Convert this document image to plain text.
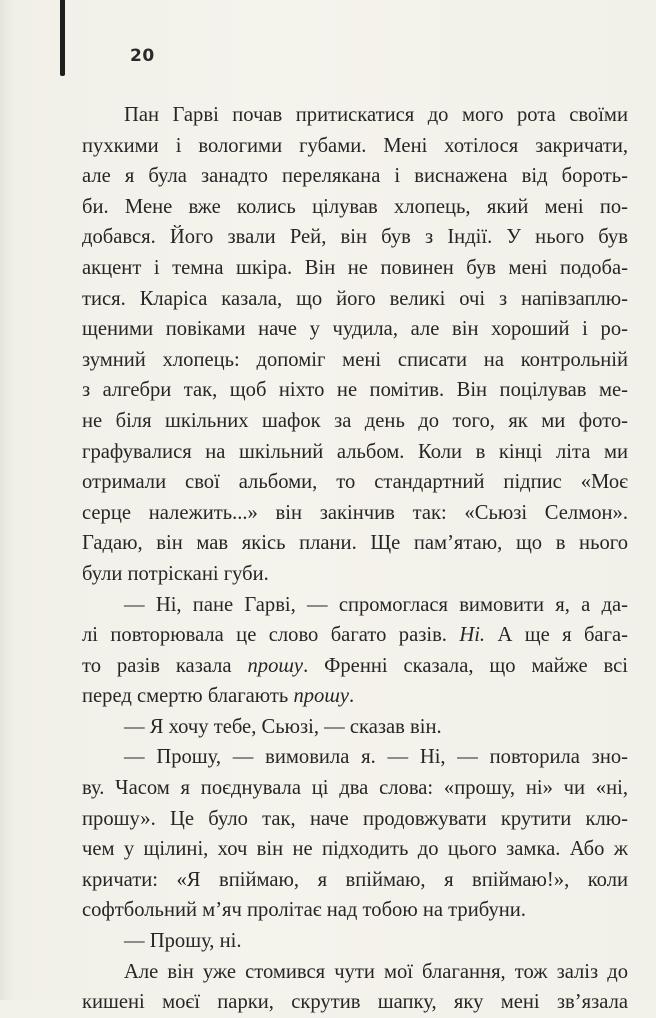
20
Пан Гарві почав притискатися до мого рота своїми
пухкими і вологими губами. Мені хотілося закричати,
але я була занадто перелякана і виснажена від бороть-
би. Мене вже колись цілував хлопець, який мені по-
добався. Його звали Рей, він був з Індії. У нього був
акцент і темна шкіра. Він не повинен був мені подоба-
тися. Кларіса казала, що його великі очі з напівзаплю-
щеними повіками наче у чудила, але він хороший і ро-
зумний хлопець: допоміг мені списати на контрольній
з алгебри так, щоб ніхто не помітив. Він поцілував ме-
не біля шкільних шафок за день до того, як ми фото-
графувалися на шкільний альбом. Коли в кінці літа ми
отримали свої альбоми, то стандартний підпис «Моє
серце належить...» він закінчив так: «Сьюзі Селмон».
Гадаю, він мав якісь плани. Ще пам’ятаю, що в нього
були потріскані губи.
— Ні, пане Гарві, — спромоглася вимовити я, а да-
лі повторювала це слово багато разів. Ні. А ще я бага-
то разів казала прошу. Френні сказала, що майже всі
перед смертю благають прошу.
— Я хочу тебе, Сьюзі, — сказав він.
— Прошу, — вимовила я. — Ні, — повторила зно-
ву. Часом я поєднувала ці два слова: «прошу, ні» чи «ні,
прошу». Це було так, наче продовжувати крутити клю-
чем у щілині, хоч він не підходить до цього замка. Або ж
кричати: «Я впіймаю, я впіймаю, я впіймаю!», коли
софтбольний м’яч пролітає над тобою на трибуни.
— Прошу, ні.
Але він уже стомився чути мої благання, тож заліз до
кишені моєї парки, скрутив шапку, яку мені зв’язала
